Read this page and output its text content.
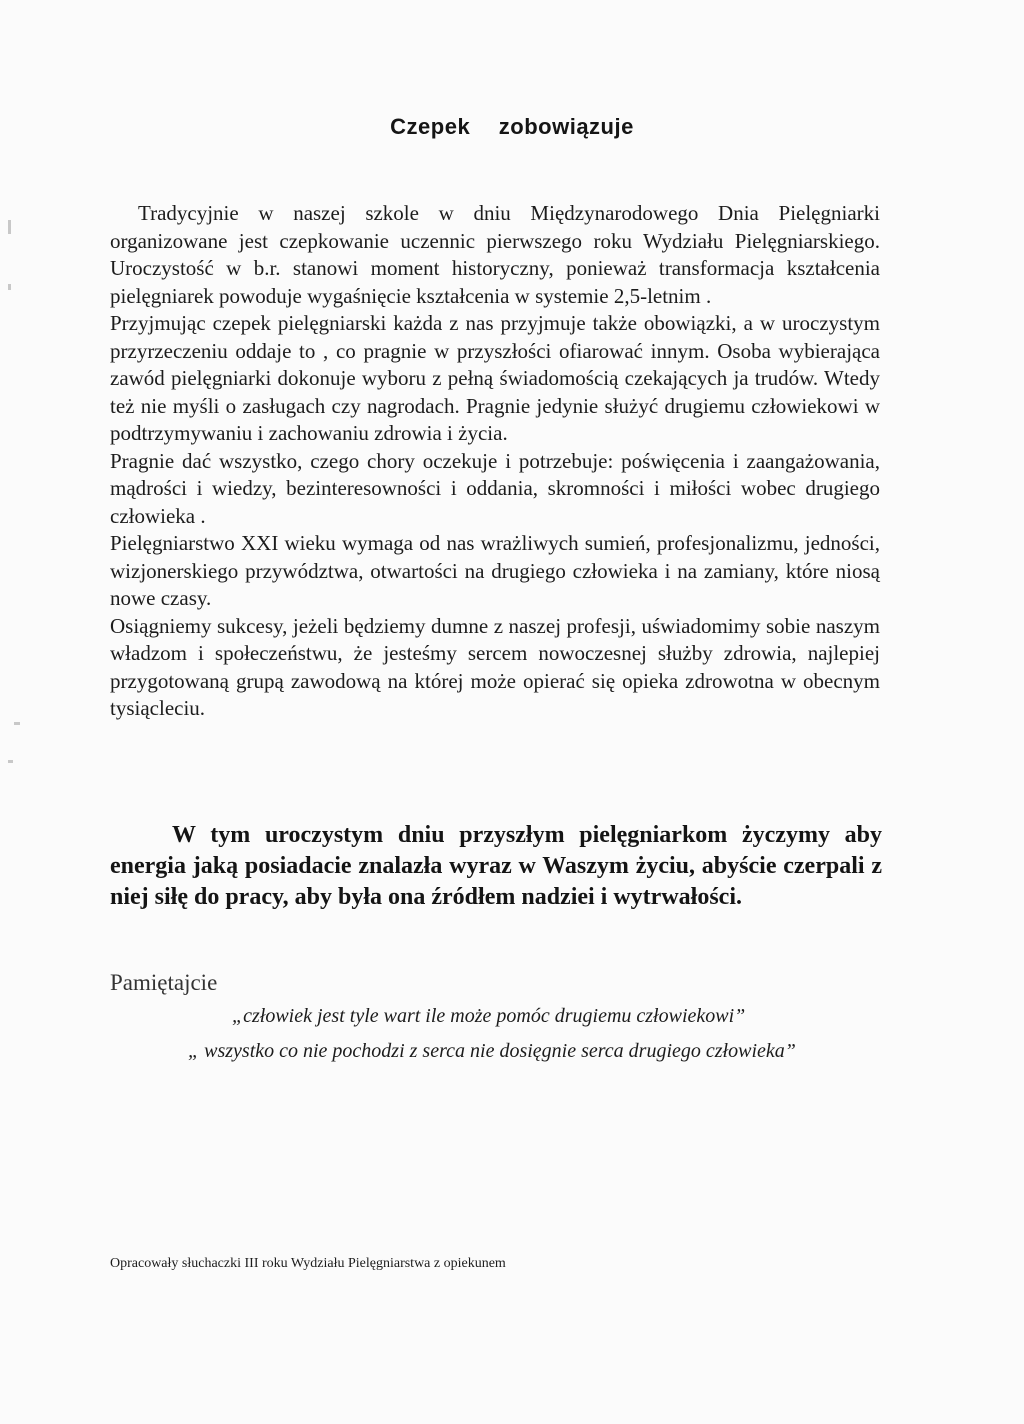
Czepek zobowiązuje

Tradycyjnie w naszej szkole w dniu Międzynarodowego Dnia Pielęgniarki organizowane jest czepkowanie uczennic pierwszego roku Wydziału Pielęgniarskiego. Uroczystość w b.r. stanowi moment historyczny, ponieważ transformacja kształcenia pielęgniarek powoduje wygaśnięcie kształcenia w systemie 2,5-letnim .

Przyjmując czepek pielęgniarski każda z nas przyjmuje także obowiązki, a w uroczystym przyrzeczeniu oddaje to , co pragnie w przyszłości ofiarować innym. Osoba wybierająca zawód pielęgniarki dokonuje wyboru z pełną świadomością czekających ja trudów. Wtedy też nie myśli o zasługach czy nagrodach. Pragnie jedynie służyć drugiemu człowiekowi w podtrzymywaniu i zachowaniu zdrowia i życia.

Pragnie dać wszystko, czego chory oczekuje i potrzebuje: poświęcenia i zaangażowania, mądrości i wiedzy, bezinteresowności i oddania, skromności i miłości wobec drugiego człowieka .

Pielęgniarstwo XXI wieku wymaga od nas wrażliwych sumień, profesjonalizmu, jedności, wizjonerskiego przywództwa, otwartości na drugiego człowieka i na zamiany, które niosą nowe czasy.

Osiągniemy sukcesy, jeżeli będziemy dumne z naszej profesji, uświadomimy sobie naszym władzom i społeczeństwu, że jesteśmy sercem nowoczesnej służby zdrowia, najlepiej przygotowaną grupą zawodową na której może opierać się opieka zdrowotna w obecnym tysiącleciu.

W tym uroczystym dniu przyszłym pielęgniarkom życzymy aby energia jaką posiadacie znalazła wyraz w Waszym życiu, abyście czerpali z niej siłę do pracy, aby była ona źródłem nadziei i wytrwałości.
Pamiętajcie
„człowiek jest tyle wart ile może pomóc drugiemu człowiekowi”
„ wszystko co nie pochodzi z serca nie dosięgnie serca drugiego człowieka”
Opracowały słuchaczki III roku Wydziału Pielęgniarstwa z opiekunem
